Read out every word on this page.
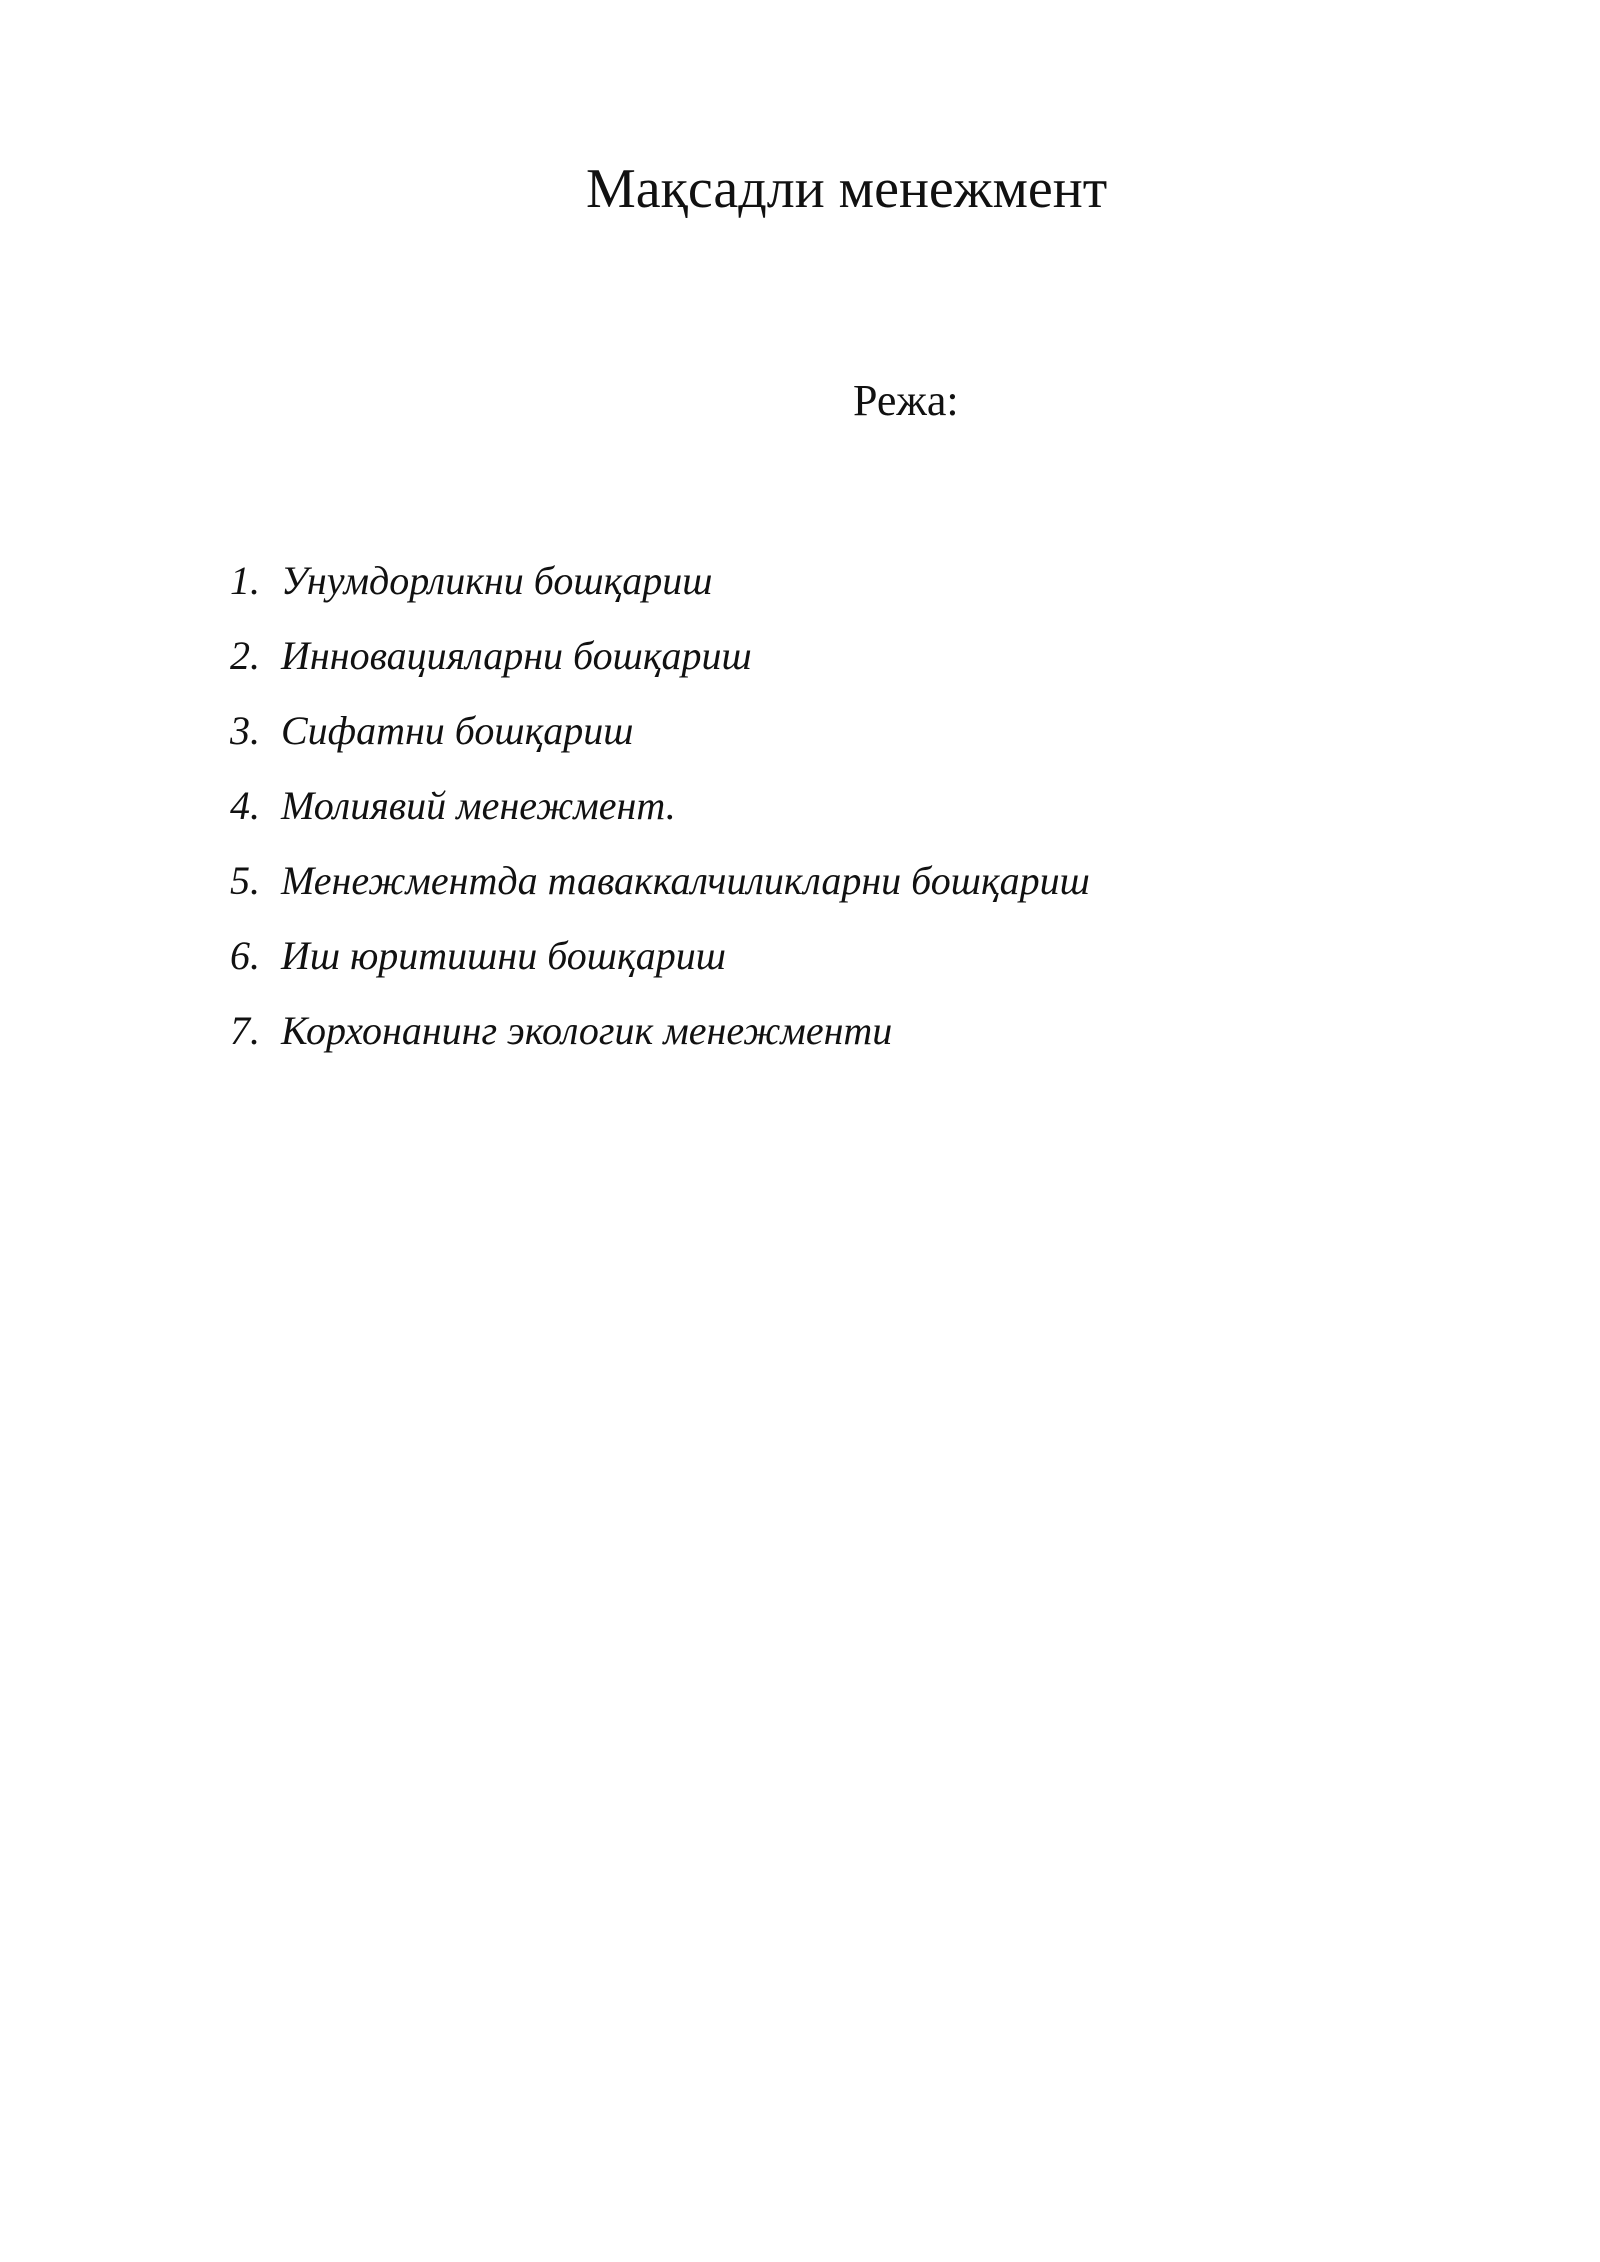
Мақсадли менежмент
Режа:
1. Унумдорликни бошқариш
2. Инновацияларни бошқариш
3. Сифатни бошқариш
4. Молиявий менежмент.
5. Менежментда таваккалчиликларни бошқариш
6. Иш юритишни бошқариш
7. Корхонанинг экологик менежменти
